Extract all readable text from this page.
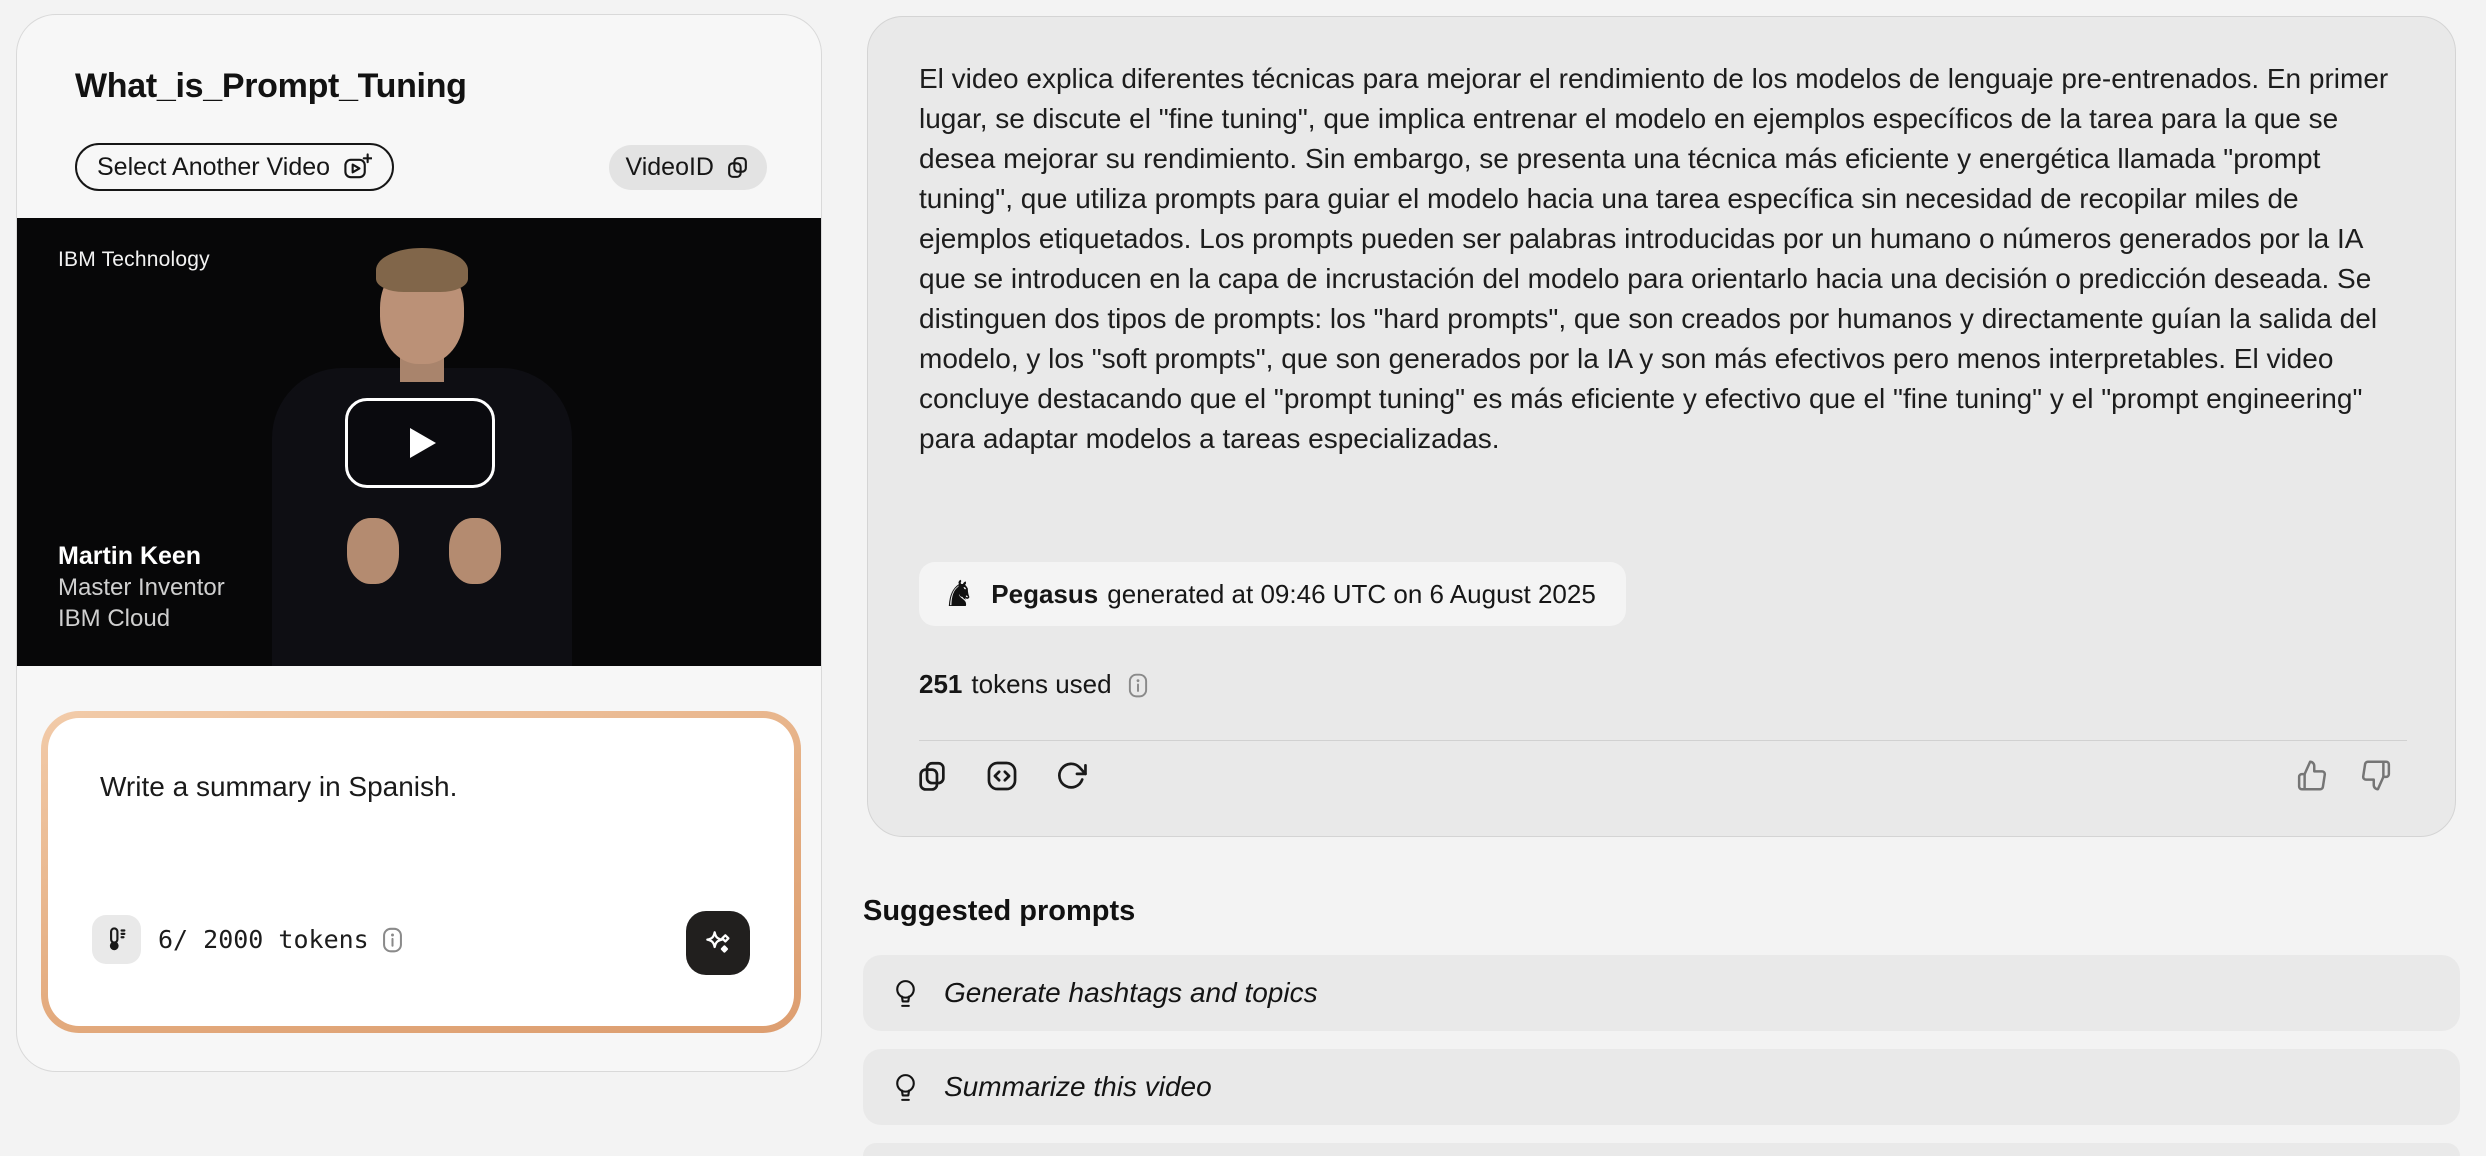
What_is_Prompt_Tuning
Select Another Video	VideoID
IBM Technology
Martin Keen
Master Inventor
IBM Cloud
Write a summary in Spanish.
6/ 2000 tokens

El video explica diferentes técnicas para mejorar el rendimiento de los modelos de lenguaje pre-entrenados. En primer lugar, se discute el "fine tuning", que implica entrenar el modelo en ejemplos específicos de la tarea para la que se desea mejorar su rendimiento. Sin embargo, se presenta una técnica más eficiente y energética llamada "prompt tuning", que utiliza prompts para guiar el modelo hacia una tarea específica sin necesidad de recopilar miles de ejemplos etiquetados. Los prompts pueden ser palabras introducidas por un humano o números generados por la IA que se introducen en la capa de incrustación del modelo para orientarlo hacia una decisión o predicción deseada. Se distinguen dos tipos de prompts: los "hard prompts", que son creados por humanos y directamente guían la salida del modelo, y los "soft prompts", que son generados por la IA y son más efectivos pero menos interpretables. El video concluye destacando que el "prompt tuning" es más eficiente y efectivo que el "fine tuning" y el "prompt engineering" para adaptar modelos a tareas especializadas.

♞ Pegasus generated at 09:46 UTC on 6 August 2025
251 tokens used
Suggested prompts
Generate hashtags and topics
Summarize this video
